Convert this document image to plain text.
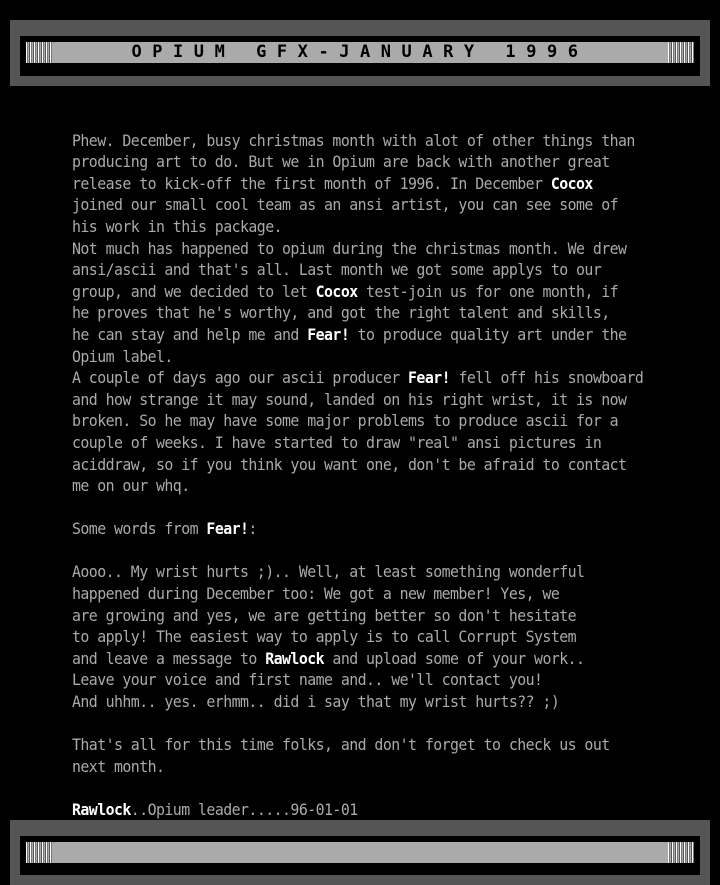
OPIUM GFX-JANUARY 1996

Phew. December, busy christmas month with alot of other things than
producing art to do. But we in Opium are back with another great
release to kick-off the first month of 1996. In December Cocox
joined our small cool team as an ansi artist, you can see some of
his work in this package.
Not much has happened to opium during the christmas month. We drew
ansi/ascii and that's all. Last month we got some applys to our
group, and we decided to let Cocox test-join us for one month, if
he proves that he's worthy, and got the right talent and skills,
he can stay and help me and Fear! to produce quality art under the
Opium label.
A couple of days ago our ascii producer Fear! fell off his snowboard
and how strange it may sound, landed on his right wrist, it is now
broken. So he may have some major problems to produce ascii for a
couple of weeks. I have started to draw "real" ansi pictures in
aciddraw, so if you think you want one, don't be afraid to contact
me on our whq.
Some words from Fear!:
Aooo.. My wrist hurts ;).. Well, at least something wonderful
happened during December too: We got a new member! Yes, we
are growing and yes, we are getting better so don't hesitate
to apply! The easiest way to apply is to call Corrupt System
and leave a message to Rawlock and upload some of your work..
Leave your voice and first name and.. we'll contact you!
And uhhm.. yes. erhmm.. did i say that my wrist hurts?? ;)
That's all for this time folks, and don't forget to check us out
next month.
Rawlock..Opium leader.....96-01-01
